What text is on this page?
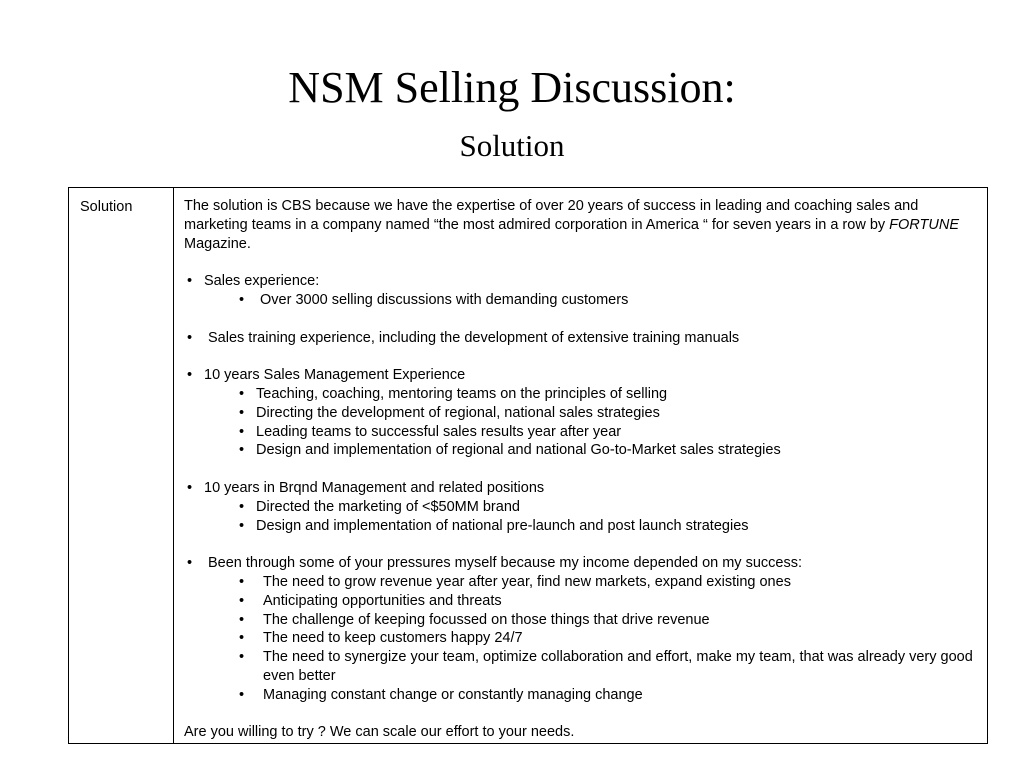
NSM Selling Discussion:
Solution
Solution	The solution is CBS because we have the expertise of over 20 years of success in leading and coaching sales and marketing teams in a company named “the most admired corporation in America “ for seven years in a row by FORTUNE Magazine.

• Sales experience:
•	Over 3000 selling discussions with demanding customers
•	Sales training experience, including the development of extensive training manuals
• 10 years Sales Management Experience
• Teaching, coaching, mentoring teams on the principles of selling
• Directing the development of regional, national sales strategies
• Leading teams to successful sales results year after year
• Design and implementation of regional and national Go-to-Market sales strategies
• 10 years in Brqnd Management and related positions
• Directed the marketing of <$50MM brand
• Design and implementation of national pre-launch and post launch strategies
•	Been through some of your pressures myself because my income depended on my success:
•	The need to grow revenue year after year, find new markets, expand existing ones
•	Anticipating opportunities and threats
•	The challenge of keeping focussed on those things that drive revenue
•	The need to keep customers happy 24/7
•	The need to synergize your team, optimize collaboration and effort, make my team, that was already very good even better
•	Managing constant change or constantly managing change

Are you willing to try ? We can scale our effort to your needs.
